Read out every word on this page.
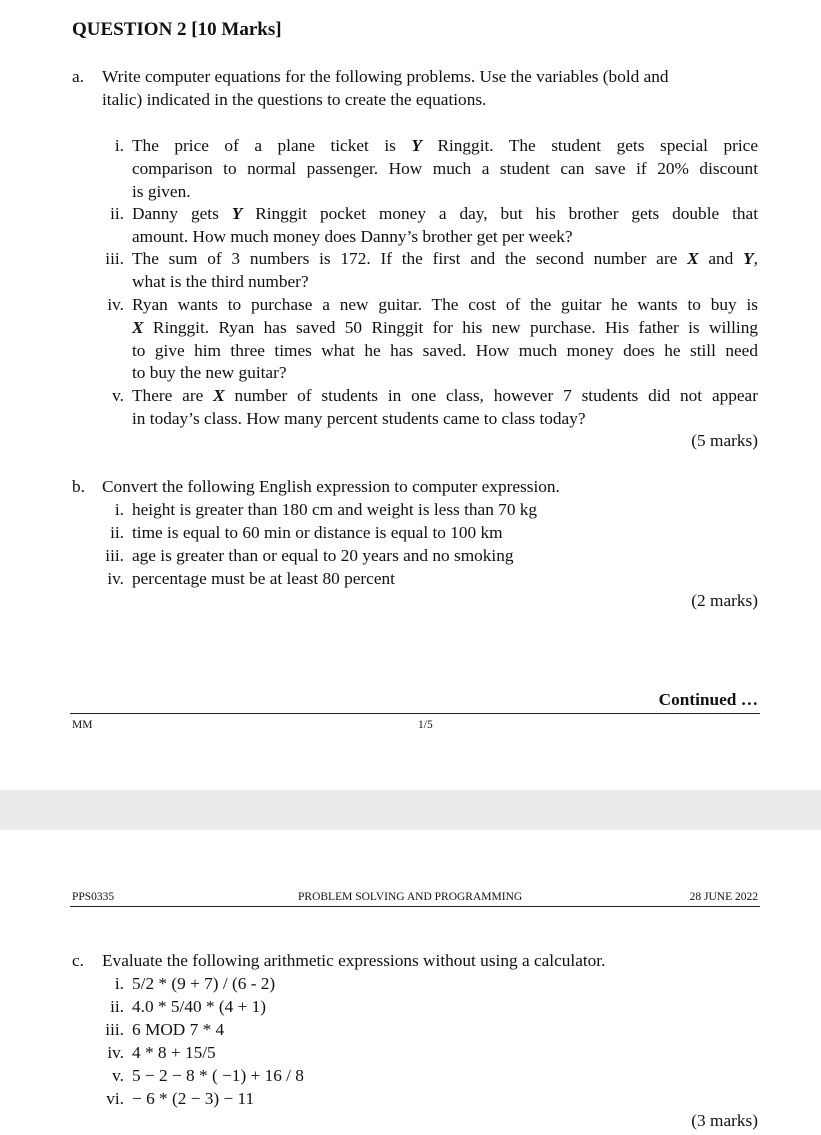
QUESTION 2 [10 Marks]
a. Write computer equations for the following problems. Use the variables (bold and
italic) indicated in the questions to create the equations.
i. The price of a plane ticket is Y Ringgit. The student gets special price
comparison to normal passenger. How much a student can save if 20% discount
is given.
ii. Danny gets Y Ringgit pocket money a day, but his brother gets double that
amount. How much money does Danny’s brother get per week?
iii. The sum of 3 numbers is 172. If the first and the second number are X and Y,
what is the third number?
iv. Ryan wants to purchase a new guitar. The cost of the guitar he wants to buy is
X Ringgit. Ryan has saved 50 Ringgit for his new purchase. His father is willing
to give him three times what he has saved. How much money does he still need
to buy the new guitar?
v. There are X number of students in one class, however 7 students did not appear
in today’s class. How many percent students came to class today?
(5 marks)
b. Convert the following English expression to computer expression.
i. height is greater than 180 cm and weight is less than 70 kg
ii. time is equal to 60 min or distance is equal to 100 km
iii. age is greater than or equal to 20 years and no smoking
iv. percentage must be at least 80 percent
(2 marks)
Continued …
MM	1/5
PPS0335	PROBLEM SOLVING AND PROGRAMMING	28 JUNE 2022
c. Evaluate the following arithmetic expressions without using a calculator.
i. 5/2 * (9 + 7) / (6 - 2)
ii. 4.0 * 5/40 * (4 + 1)
iii. 6 MOD 7 * 4
iv. 4 * 8 + 15/5
v. 5 − 2 − 8 * ( −1) + 16 / 8
vi. − 6 * (2 − 3) − 11
(3 marks)
